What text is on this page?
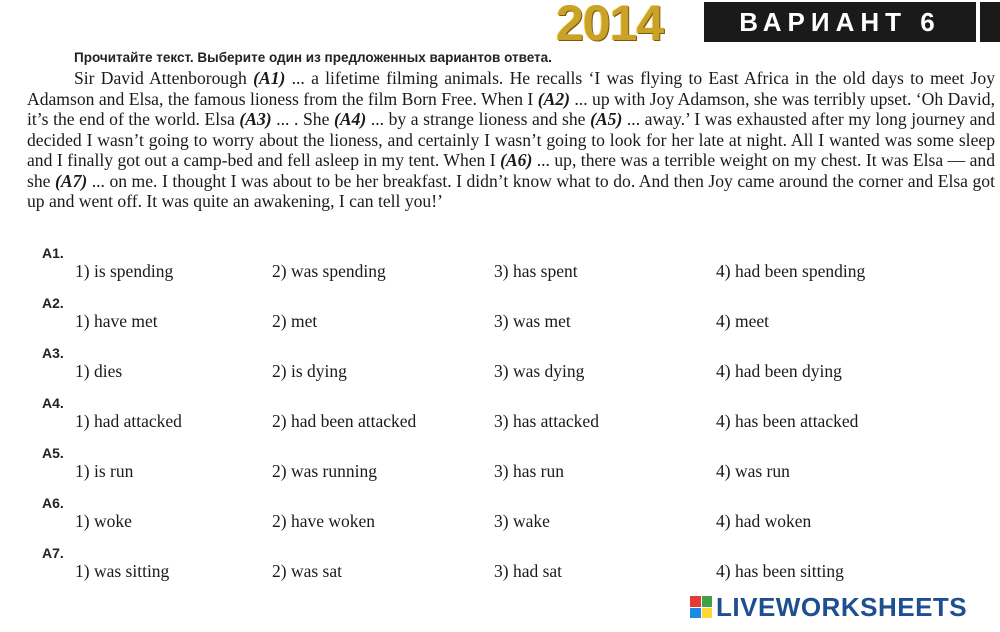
2014	ВАРИАНТ 6
Прочитайте текст. Выберите один из предложенных вариантов ответа.

Sir David Attenborough (A1) ... a lifetime filming animals. He recalls ‘I was flying to East Africa in the old days to meet Joy Adamson and Elsa, the famous lioness from the film Born Free. When I (A2) ... up with Joy Adamson, she was terribly upset. ‘Oh David, it’s the end of the world. Elsa (A3) ... . She (A4) ... by a strange lioness and she (A5) ... away.’ I was exhausted after my long journey and decided I wasn’t going to worry about the lioness, and certainly I wasn’t going to look for her late at night. All I wanted was some sleep and I finally got out a camp-bed and fell asleep in my tent. When I (A6) ... up, there was a terrible weight on my chest. It was Elsa — and she (A7) ... on me. I thought I was about to be her breakfast. I didn’t know what to do. And then Joy came around the corner and Elsa got up and went off. It was quite an awakening, I can tell you!’

A1.
1) is spending	2) was spending	3) has spent	4) had been spending
A2.
1) have met	2) met	3) was met	4) meet
A3.
1) dies	2) is dying	3) was dying	4) had been dying
A4.
1) had attacked	2) had been attacked	3) has attacked	4) has been attacked
A5.
1) is run	2) was running	3) has run	4) was run
A6.
1) woke	2) have woken	3) wake	4) had woken
A7.
1) was sitting	2) was sat	3) had sat	4) has been sitting
LIVEWORKSHEETS
